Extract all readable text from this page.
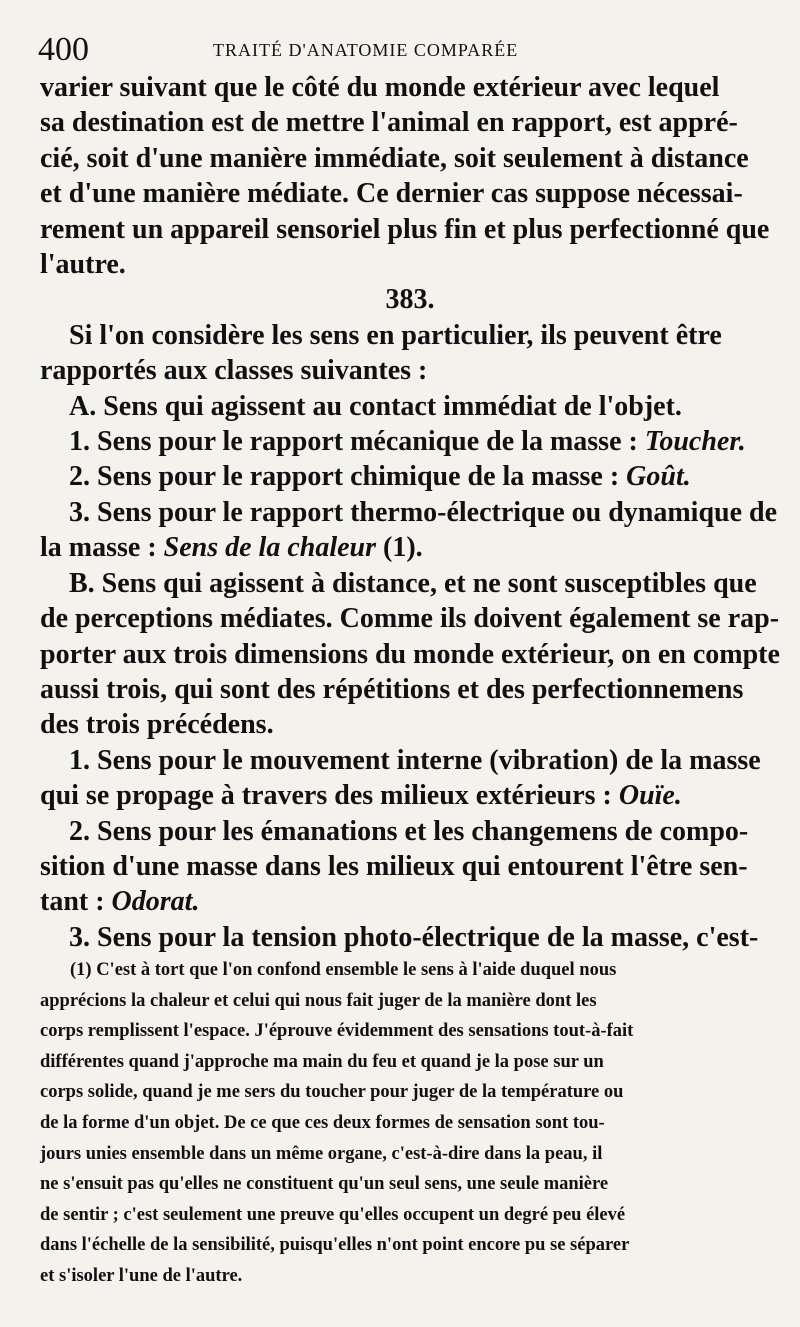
400	TRAITÉ D'ANATOMIE COMPARÉE
varier suivant que le côté du monde extérieur avec lequel
sa destination est de mettre l'animal en rapport, est appré-
cié, soit d'une manière immédiate, soit seulement à distance
et d'une manière médiate. Ce dernier cas suppose nécessai-
rement un appareil sensoriel plus fin et plus perfectionné que
l'autre.
383.
Si l'on considère les sens en particulier, ils peuvent être
rapportés aux classes suivantes :
A. Sens qui agissent au contact immédiat de l'objet.
1. Sens pour le rapport mécanique de la masse : Toucher.
2. Sens pour le rapport chimique de la masse : Goût.
3. Sens pour le rapport thermo-électrique ou dynamique de
la masse : Sens de la chaleur (1).
B. Sens qui agissent à distance, et ne sont susceptibles que
de perceptions médiates. Comme ils doivent également se rap-
porter aux trois dimensions du monde extérieur, on en compte
aussi trois, qui sont des répétitions et des perfectionnemens
des trois précédens.
1. Sens pour le mouvement interne (vibration) de la masse
qui se propage à travers des milieux extérieurs : Ouïe.
2. Sens pour les émanations et les changemens de compo-
sition d'une masse dans les milieux qui entourent l'être sen-
tant : Odorat.
3. Sens pour la tension photo-électrique de la masse, c'est-
(1) C'est à tort que l'on confond ensemble le sens à l'aide duquel nous
apprécions la chaleur et celui qui nous fait juger de la manière dont les
corps remplissent l'espace. J'éprouve évidemment des sensations tout-à-fait
différentes quand j'approche ma main du feu et quand je la pose sur un
corps solide, quand je me sers du toucher pour juger de la température ou
de la forme d'un objet. De ce que ces deux formes de sensation sont tou-
jours unies ensemble dans un même organe, c'est-à-dire dans la peau, il
ne s'ensuit pas qu'elles ne constituent qu'un seul sens, une seule manière
de sentir ; c'est seulement une preuve qu'elles occupent un degré peu élevé
dans l'échelle de la sensibilité, puisqu'elles n'ont point encore pu se séparer
et s'isoler l'une de l'autre.
